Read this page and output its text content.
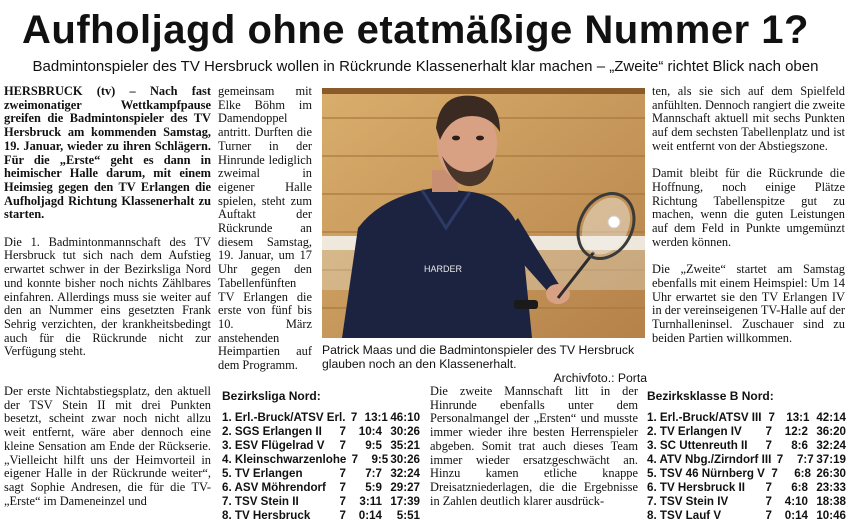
Aufholjagd ohne etatmäßige Nummer 1?
Badmintonspieler des TV Hersbruck wollen in Rückrunde Klassenerhalt klar machen – „Zweite“ richtet Blick nach oben

HERSBRUCK (tv) – Nach fast zweimonatiger Wettkampfpause greifen die Badmintonspieler des TV Hersbruck am kommenden Samstag, 19. Januar, wieder zu ihren Schlägern. Für die „Erste“ geht es dann in heimischer Halle darum, mit einem Heimsieg gegen den TV Erlangen die Aufholjagd Richtung Klassenerhalt zu starten.

Die 1. Badmintonmannschaft des TV Hersbruck tut sich nach dem Aufstieg erwartet schwer in der Bezirksliga Nord und konnte bisher noch nichts Zählbares einfahren. Allerdings muss sie weiter auf den an Nummer eins gesetzten Frank Sehrig verzichten, der krankheitsbedingt auch für die Rückrunde nicht zur Verfügung steht.

Der erste Nichtabstiegsplatz, den aktuell der TSV Stein II mit drei Punkten besetzt, scheint zwar noch nicht allzu weit entfernt, wäre aber dennoch eine kleine Sensation am Ende der Rückserie. „Vielleicht hilft uns der Heimvorteil in eigener Halle in der Rückrunde weiter“, sagt Sophie Andresen, die für die TV-„Erste“ im Dameneinzel und

gemeinsam mit Elke Böhm im Damendoppel antritt. Durften die Turner in der Hinrunde lediglich zweimal in eigener Halle spielen, steht zum Auftakt der Rückrunde an diesem Samstag, 19. Januar, um 17 Uhr gegen den Tabellenfünften TV Erlangen die erste von fünf bis 10. März anstehenden Heimpartien auf dem Programm.

HARDER
Patrick Maas und die Badmintonspieler des TV Hersbruck glauben noch an den Klassenerhalt.
Archivfoto.: Porta

ten, als sie sich auf dem Spielfeld anfühlten. Dennoch rangiert die zweite Mannschaft aktuell mit sechs Punkten auf dem sechsten Tabellenplatz und ist weit entfernt von der Abstiegszone.

Damit bleibt für die Rückrunde die Hoffnung, noch einige Plätze Richtung Tabellenspitze gut zu machen, wenn die guten Leistungen auf dem Feld in Punkte umgemünzt werden können.

Die „Zweite“ startet am Samstag ebenfalls mit einem Heimspiel: Um 14 Uhr erwartet sie den TV Erlangen IV in der vereinseigenen TV-Halle auf der Turnhalleninsel. Zuschauer sind zu beiden Partien willkommen.

Die zweite Mannschaft litt in der Hinrunde ebenfalls unter dem Personalmangel der „Ersten“ und musste immer wieder ihre besten Herrenspieler abgeben. Somit trat auch dieses Team immer wieder ersatzgeschwächt an. Hinzu kamen etliche knappe Dreisatzniederlagen, die die Ergebnisse in Zahlen deutlich klarer ausdrück-

Bezirksliga Nord:
1. Erl.-Bruck/ATSV Erl. 7 13:1 46:10
2. SGS Erlangen II	7	10:4 30:26
3. ESV Flügelrad V	7	9:5 35:21
4. Kleinschwarzenlohe 7	9:5 30:26
5. TV Erlangen	7	7:7 32:24
6. ASV Möhrendorf	7	5:9 29:27
7. TSV Stein II	7	3:11 17:39
8. TV Hersbruck	7	0:14	5:51
Bezirksklasse B Nord:
1. Erl.-Bruck/ATSV III 7 13:1 42:14
2. TV Erlangen IV	7	12:2 36:20
3. SC Uttenreuth II	7	8:6 32:24
4. ATV Nbg./Zirndorf III 7	7:7 37:19
5. TSV 46 Nürnberg V 7	6:8 26:30
6. TV Hersbruck II	7	6:8 23:33
7. TSV Stein IV	7	4:10 18:38
8. TSV Lauf V	7	0:14 10:46
